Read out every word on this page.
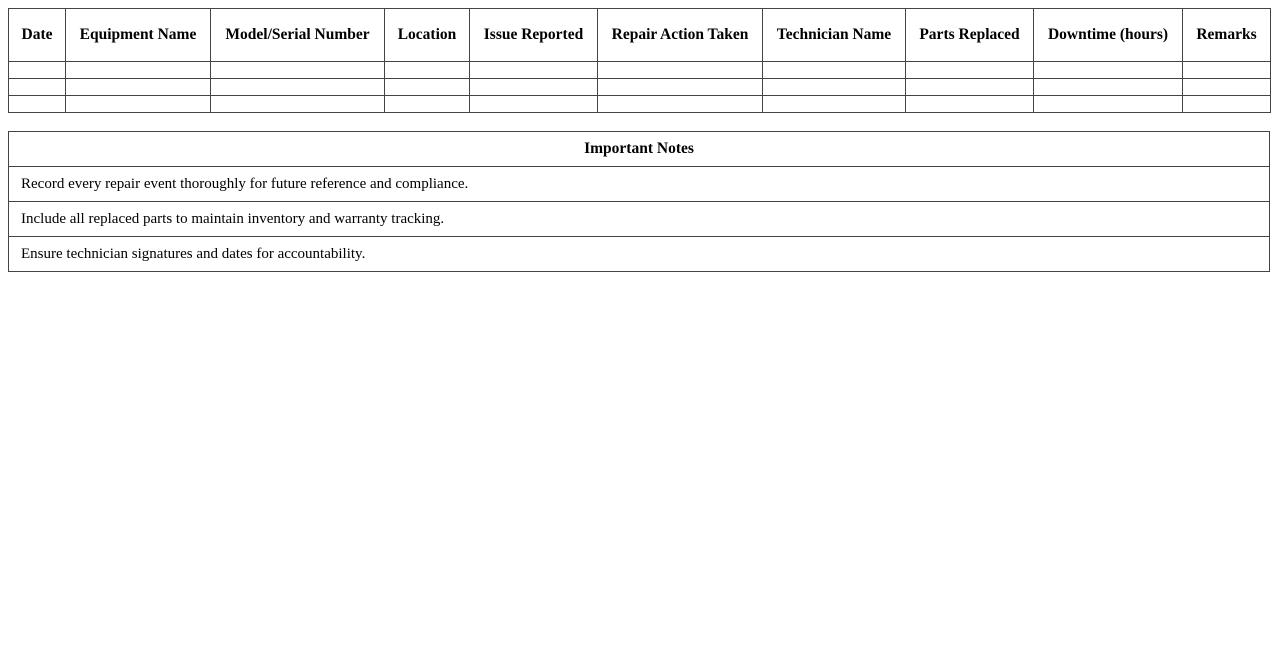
Date	Equipment Name	Model/Serial Number	Location	Issue Reported	Repair Action Taken	Technician Name	Parts Replaced	Downtime (hours)	Remarks

Important Notes
Record every repair event thoroughly for future reference and compliance.
Include all replaced parts to maintain inventory and warranty tracking.
Ensure technician signatures and dates for accountability.
